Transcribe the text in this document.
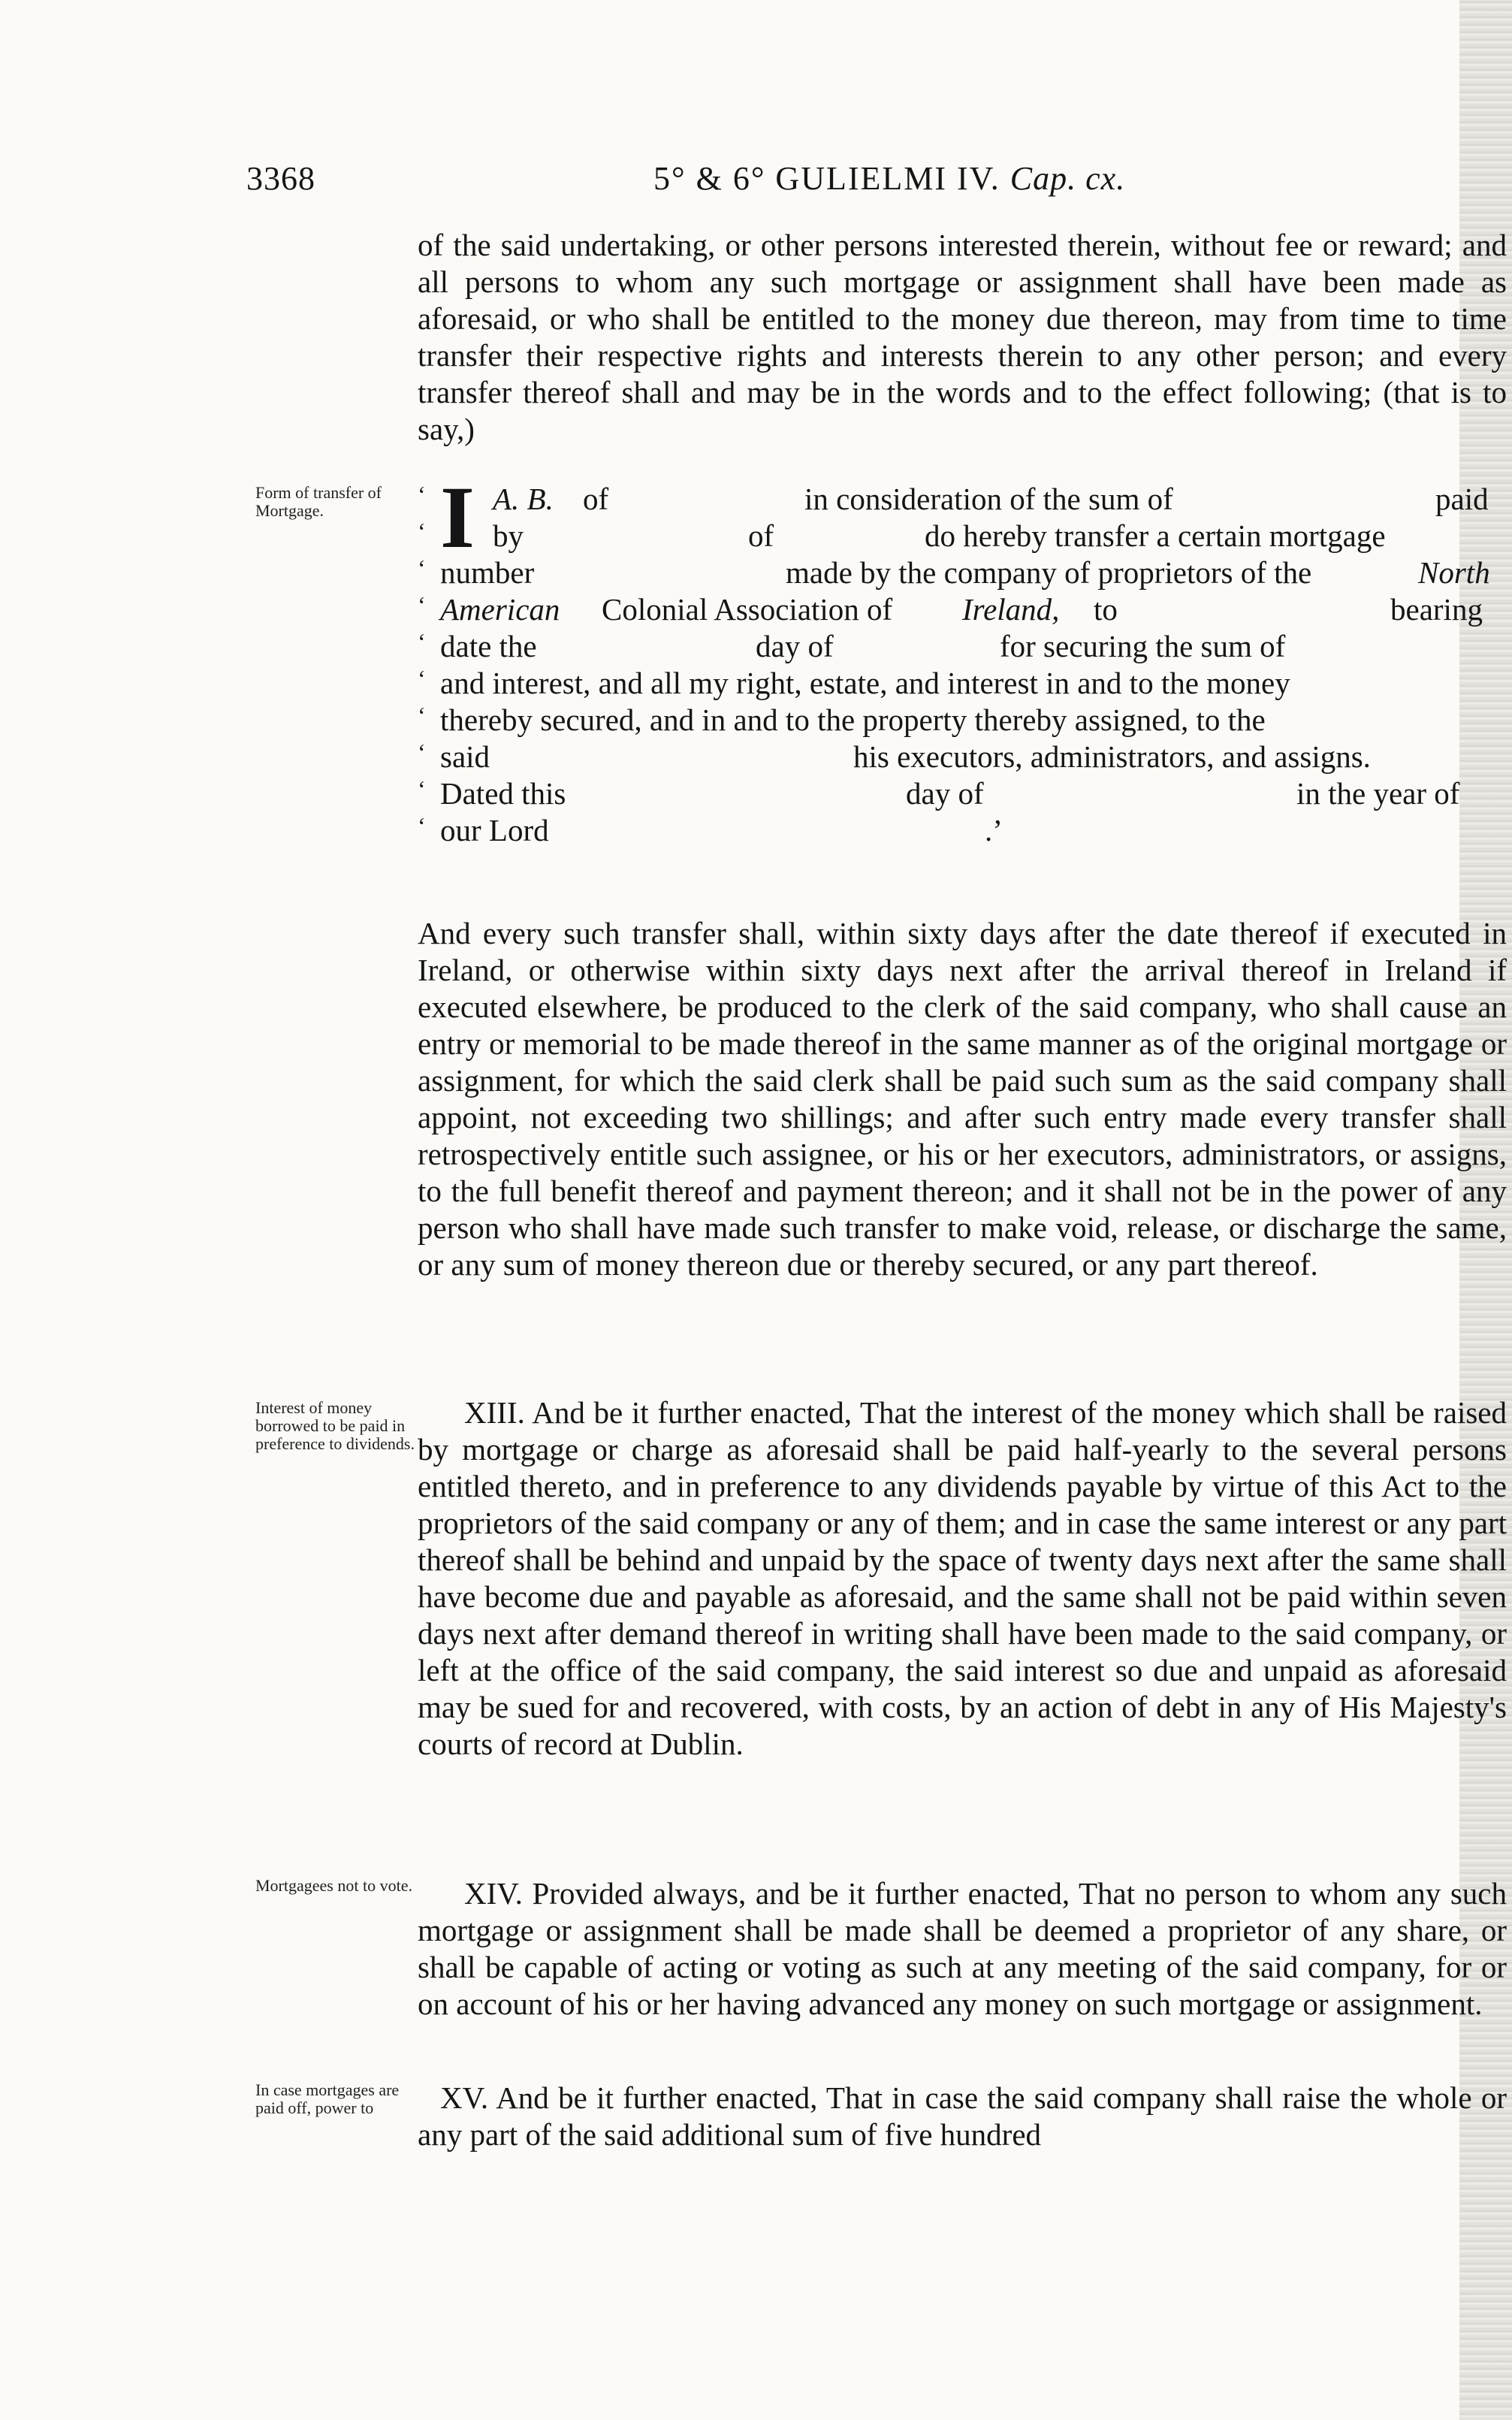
3368	5° & 6° GULIELMI IV. Cap. cx.
of the said undertaking, or other persons interested therein, without fee or reward; and all persons to whom any such mortgage or assignment shall have been made as aforesaid, or who shall be entitled to the money due thereon, may from time to time transfer their respective rights and interests therein to any other person; and every transfer thereof shall and may be in the words and to the effect following; (that is to say,)
Form of transfer of Mortgage.
Interest of money borrowed to be paid in preference to dividends.
Mortgagees not to vote.
In case mortgages are paid off, power to
I
‘ A. B. of	in consideration of the sum of	paid
‘ by	of	do hereby transfer a certain mortgage
‘ number	made by the company of proprietors of the	North
‘ American Colonial Association of Ireland, to	bearing
‘ date the	day of	for securing the sum of
‘ and interest, and all my right, estate, and interest in and to the money
‘ thereby secured, and in and to the property thereby assigned, to the
‘ said	his executors, administrators, and assigns.
‘ Dated this	day of	in the year of
‘ our Lord	.’
And every such transfer shall, within sixty days after the date thereof if executed in Ireland, or otherwise within sixty days next after the arrival thereof in Ireland if executed elsewhere, be produced to the clerk of the said company, who shall cause an entry or memorial to be made thereof in the same manner as of the original mortgage or assignment, for which the said clerk shall be paid such sum as the said company shall appoint, not exceeding two shillings; and after such entry made every transfer shall retrospectively entitle such assignee, or his or her executors, administrators, or assigns, to the full benefit thereof and payment thereon; and it shall not be in the power of any person who shall have made such transfer to make void, release, or discharge the same, or any sum of money thereon due or thereby secured, or any part thereof.
XIII. And be it further enacted, That the interest of the money which shall be raised by mortgage or charge as aforesaid shall be paid half-yearly to the several persons entitled thereto, and in preference to any dividends payable by virtue of this Act to the proprietors of the said company or any of them; and in case the same interest or any part thereof shall be behind and unpaid by the space of twenty days next after the same shall have become due and payable as aforesaid, and the same shall not be paid within seven days next after demand thereof in writing shall have been made to the said company, or left at the office of the said company, the said interest so due and unpaid as aforesaid may be sued for and recovered, with costs, by an action of debt in any of His Majesty's courts of record at Dublin.
XIV. Provided always, and be it further enacted, That no person to whom any such mortgage or assignment shall be made shall be deemed a proprietor of any share, or shall be capable of acting or voting as such at any meeting of the said company, for or on account of his or her having advanced any money on such mortgage or assignment.
XV. And be it further enacted, That in case the said company shall raise the whole or any part of the said additional sum of five hundred
